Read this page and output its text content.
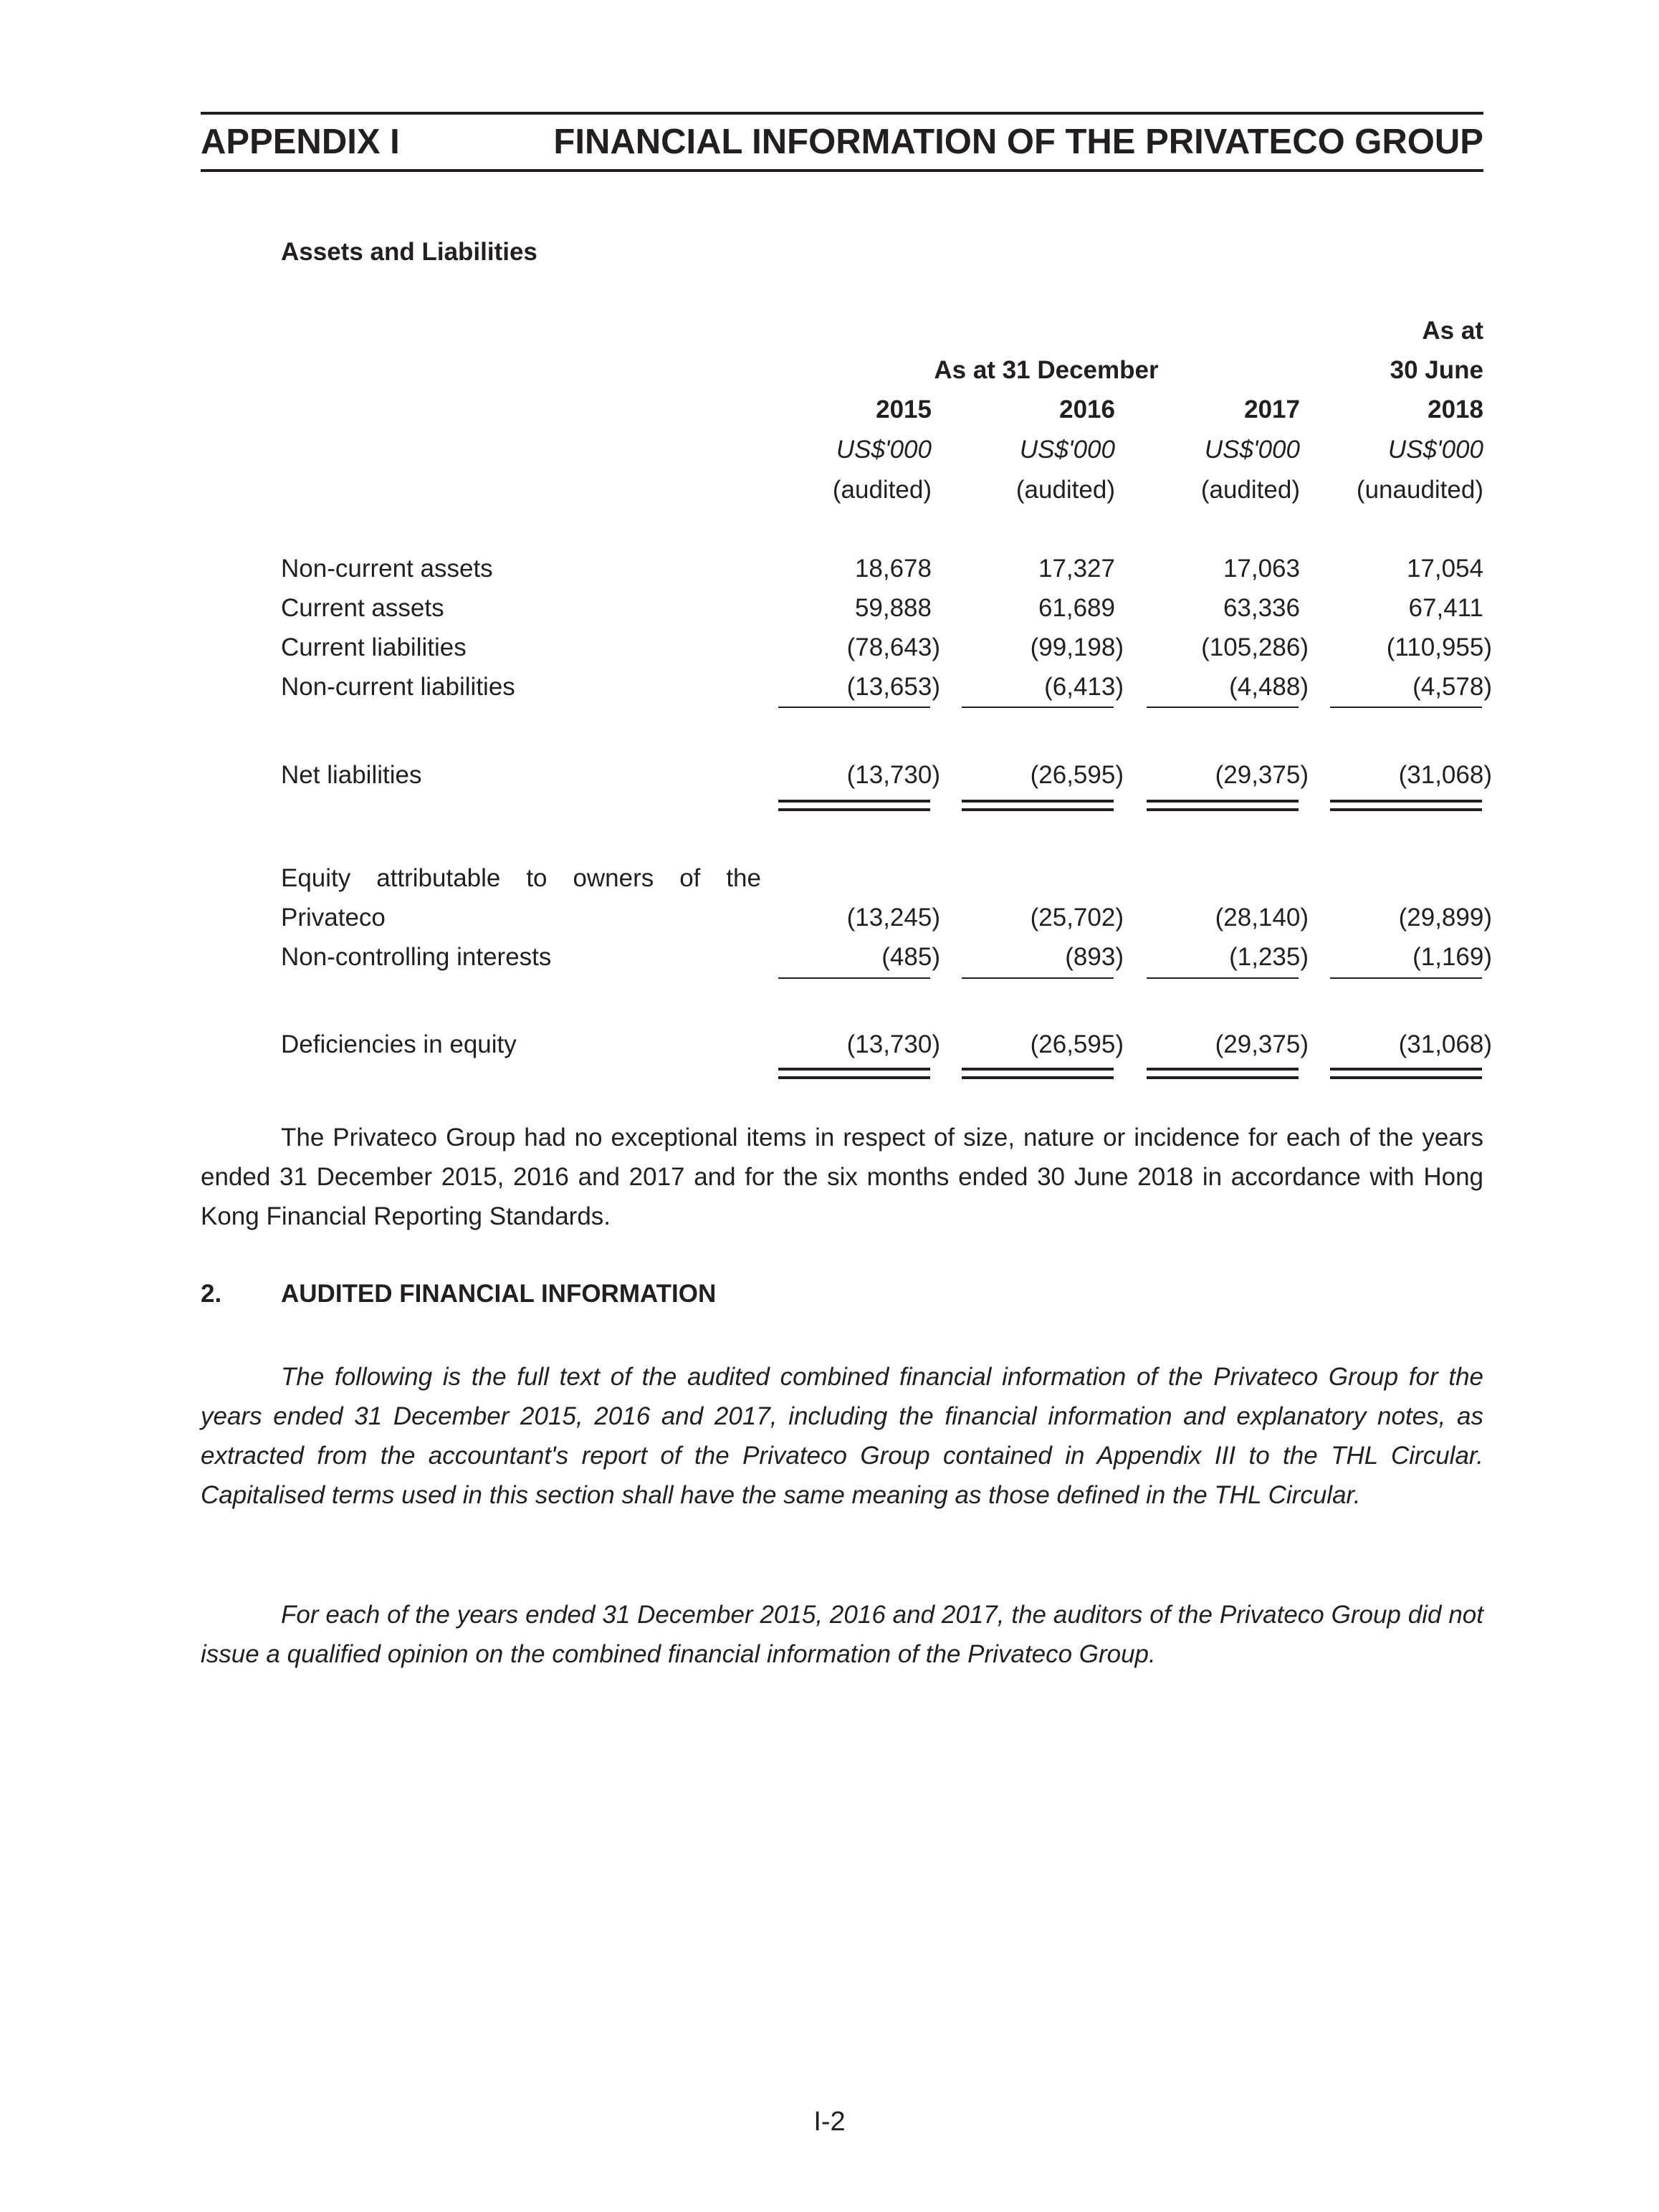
APPENDIX I	FINANCIAL INFORMATION OF THE PRIVATECO GROUP
Assets and Liabilities
As at
As at 31 December	30 June
2015	2016	2017	2018
US$'000	US$'000	US$'000	US$'000
(audited)	(audited)	(audited)	(unaudited)
Non-current assets	18,678	17,327	17,063	17,054
Current assets	59,888	61,689	63,336	67,411
Current liabilities	(78,643)	(99,198)	(105,286)	(110,955)
Non-current liabilities	(13,653)	(6,413)	(4,488)	(4,578)
Net liabilities	(13,730)	(26,595)	(29,375)	(31,068)
Equity attributable to owners of the
Privateco	(13,245)	(25,702)	(28,140)	(29,899)
Non-controlling interests	(485)	(893)	(1,235)	(1,169)
Deficiencies in equity	(13,730)	(26,595)	(29,375)	(31,068)
The Privateco Group had no exceptional items in respect of size, nature or incidence for each of the years ended 31 December 2015, 2016 and 2017 and for the six months ended 30 June 2018 in accordance with Hong Kong Financial Reporting Standards.
2. AUDITED FINANCIAL INFORMATION
The following is the full text of the audited combined financial information of the Privateco Group for the years ended 31 December 2015, 2016 and 2017, including the financial information and explanatory notes, as extracted from the accountant's report of the Privateco Group contained in Appendix III to the THL Circular. Capitalised terms used in this section shall have the same meaning as those defined in the THL Circular.
For each of the years ended 31 December 2015, 2016 and 2017, the auditors of the Privateco Group did not issue a qualified opinion on the combined financial information of the Privateco Group.
I-2
